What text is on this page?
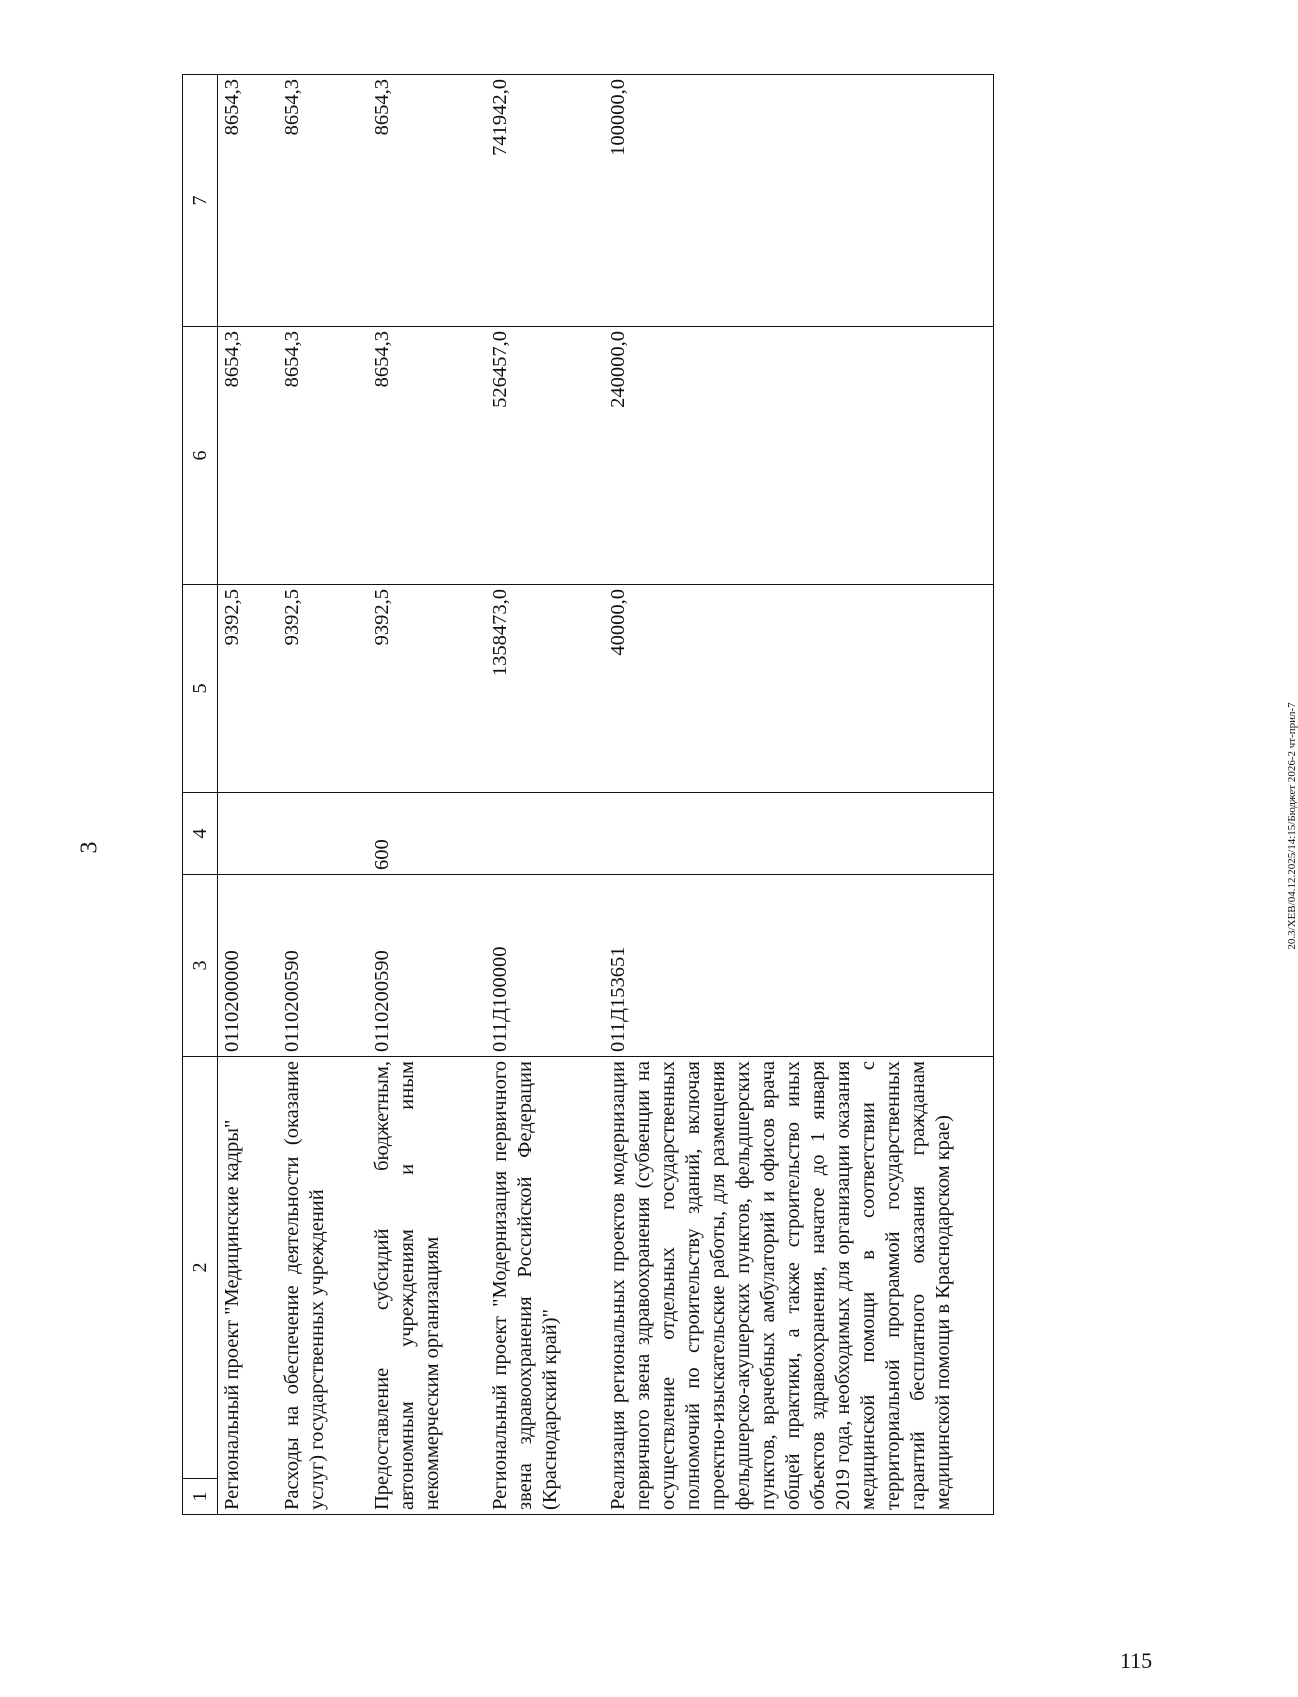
3
1	2	3	4	5	6	7
Региональный проект "Медицинские кадры"		0110200000		9392,5	8654,3	8654,3
Расходы на обеспечение деятельности (оказание услуг) государственных учреждений		0110200590		9392,5	8654,3	8654,3
Предоставление субсидий бюджетным, автономным учреждениям и иным некоммерческим организациям		0110200590	600	9392,5	8654,3	8654,3
Региональный проект "Модернизация первичного звена здравоохранения Российской Федерации (Краснодарский край)"		011Д100000		1358473,0	526457,0	741942,0
Реализация региональных проектов модернизации первичного звена здравоохранения (субвенции на осуществление отдельных государственных полномочий по строительству зданий, включая проектно-изыскательские работы, для размещения фельдшерско-акушерских пунктов, фельдшерских пунктов, врачебных амбулаторий и офисов врача общей практики, а также строительство иных объектов здравоохранения, начатое до 1 января 2019 года, необходимых для организации оказания медицинской помощи в соответствии с территориальной программой государственных гарантий бесплатного оказания гражданам медицинской помощи в Краснодарском крае)		011Д153651		40000,0	240000,0	100000,0
20.3/ХЕВ/04.12.2025/14:15/Бюджет 2026-2 чт-прил-7
115
